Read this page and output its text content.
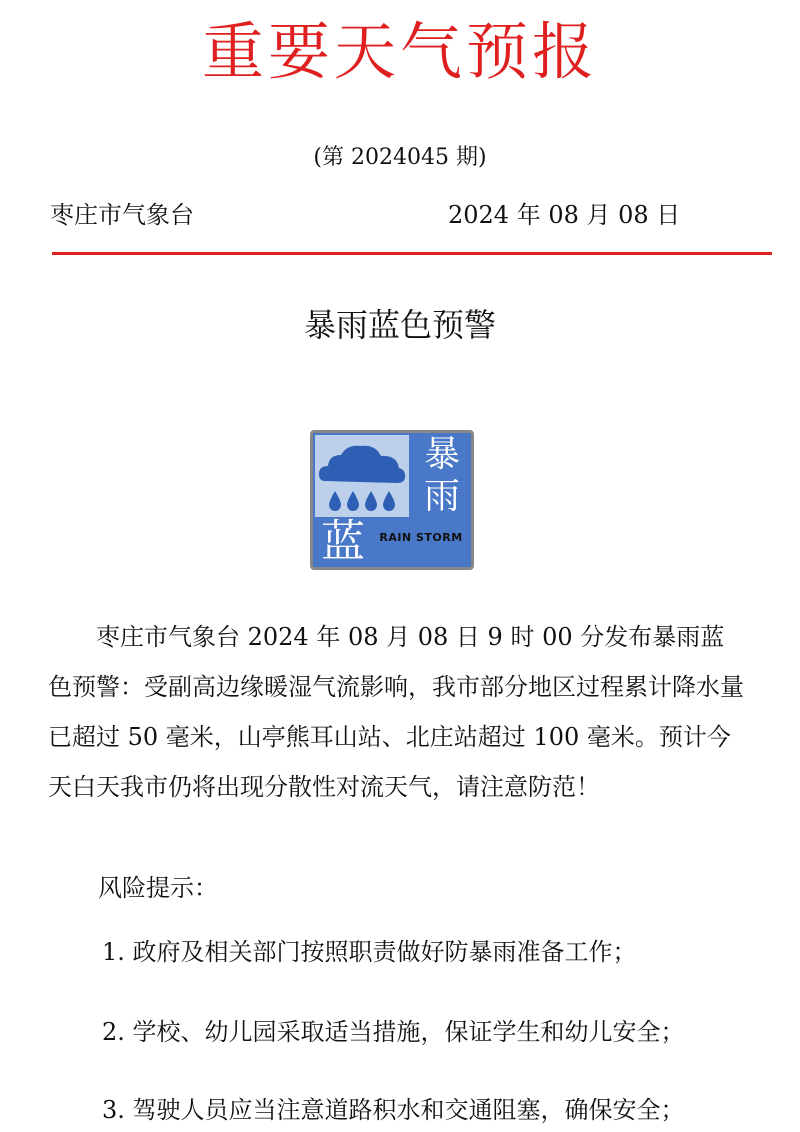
重要天气预报
(第 2024045 期)
枣庄市气象台	2024 年 08 月 08 日
暴雨蓝色预警
暴
雨
蓝	RAIN STORM

枣庄市气象台 2024 年 08 月 08 日 9 时 00 分发布暴雨蓝色预警：受副高边缘暖湿气流影响，我市部分地区过程累计降水量已超过 50 毫米，山亭熊耳山站、北庄站超过 100 毫米。预计今天白天我市仍将出现分散性对流天气，请注意防范！

风险提示：
1. 政府及相关部门按照职责做好防暴雨准备工作；
2. 学校、幼儿园采取适当措施，保证学生和幼儿安全；
3. 驾驶人员应当注意道路积水和交通阻塞，确保安全；
